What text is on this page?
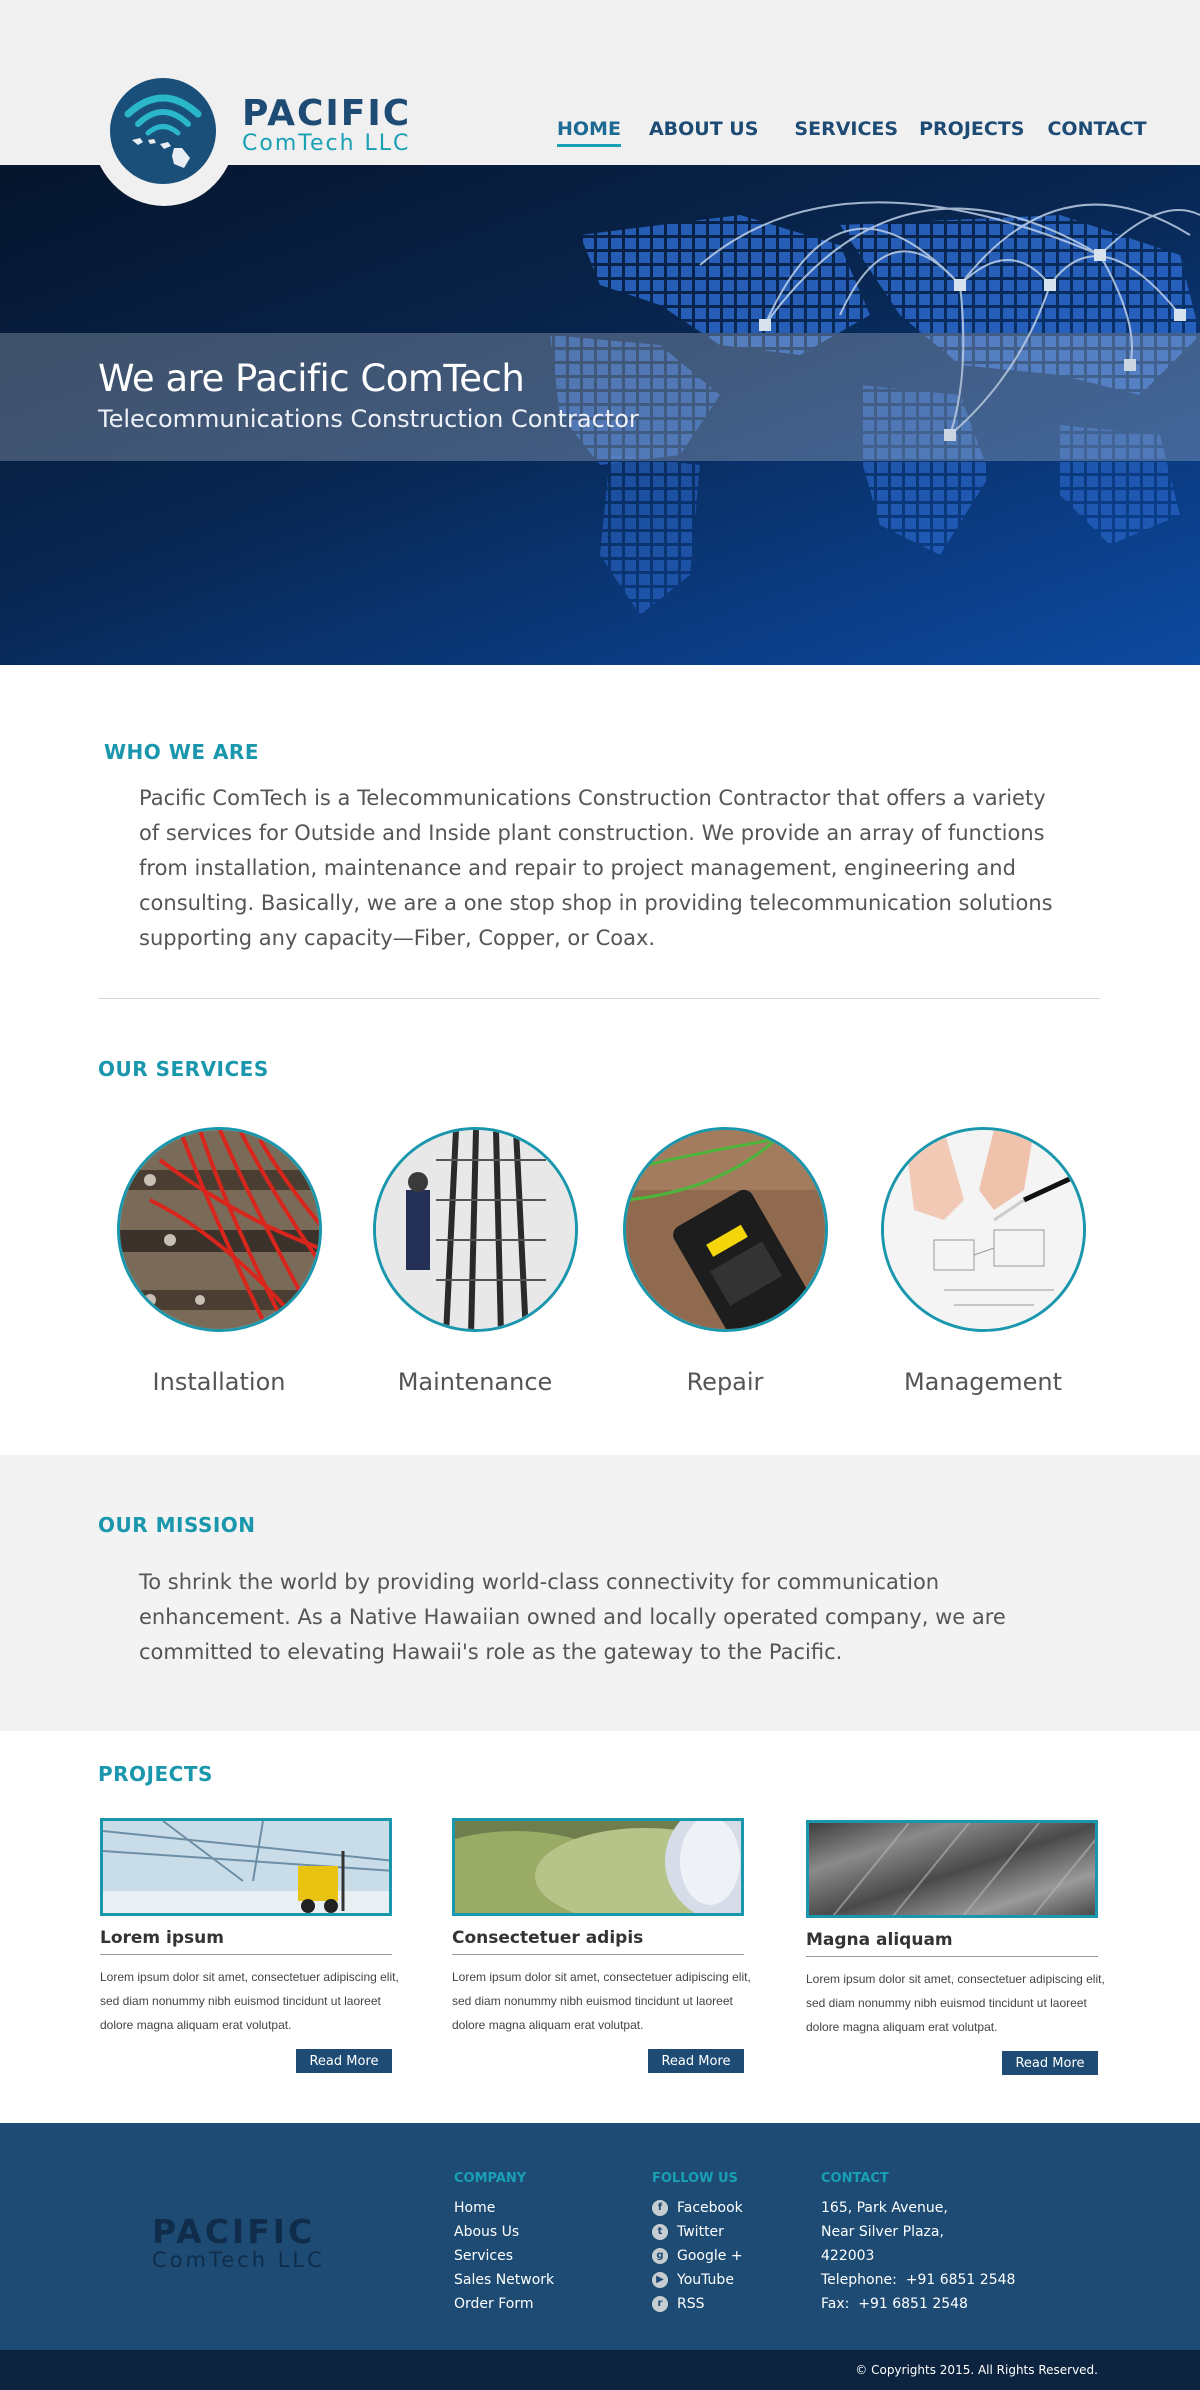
PACIFIC
ComTech LLC
HOME ABOUT US SERVICES PROJECTS CONTACT
We are Pacific ComTech
Telecommunications Construction Contractor
WHO WE ARE

Pacific ComTech is a Telecommunications Construction Contractor that offers a variety of services for Outside and Inside plant construction. We provide an array of functions from installation, maintenance and repair to project management, engineering and consulting. Basically, we are a one stop shop in providing telecommunication solutions supporting any capacity—Fiber, Copper, or Coax.

OUR SERVICES
Installation	Maintenance	Repair	Management
OUR MISSION

To shrink the world by providing world-class connectivity for communication enhancement. As a Native Hawaiian owned and locally operated company, we are committed to elevating Hawaii's role as the gateway to the Pacific.

PROJECTS
Lorem ipsum
Lorem ipsum dolor sit amet, consectetuer adipiscing elit, sed diam nonummy nibh euismod tincidunt ut laoreet dolore magna aliquam erat volutpat.
Read More
Consectetuer adipis
Lorem ipsum dolor sit amet, consectetuer adipiscing elit, sed diam nonummy nibh euismod tincidunt ut laoreet dolore magna aliquam erat volutpat.
Read More
Magna aliquam
Lorem ipsum dolor sit amet, consectetuer adipiscing elit, sed diam nonummy nibh euismod tincidunt ut laoreet dolore magna aliquam erat volutpat.
Read More
PACIFIC
ComTech LLC
COMPANY
Home
Abous Us
Services
Sales Network
Order Form
FOLLOW US
f	Facebook
t	Twitter
g Google +
▶ YouTube
r	RSS
CONTACT
165, Park Avenue,
Near Silver Plaza,
422003
Telephone:  +91 6851 2548
Fax:  +91 6851 2548
© Copyrights 2015. All Rights Reserved.
